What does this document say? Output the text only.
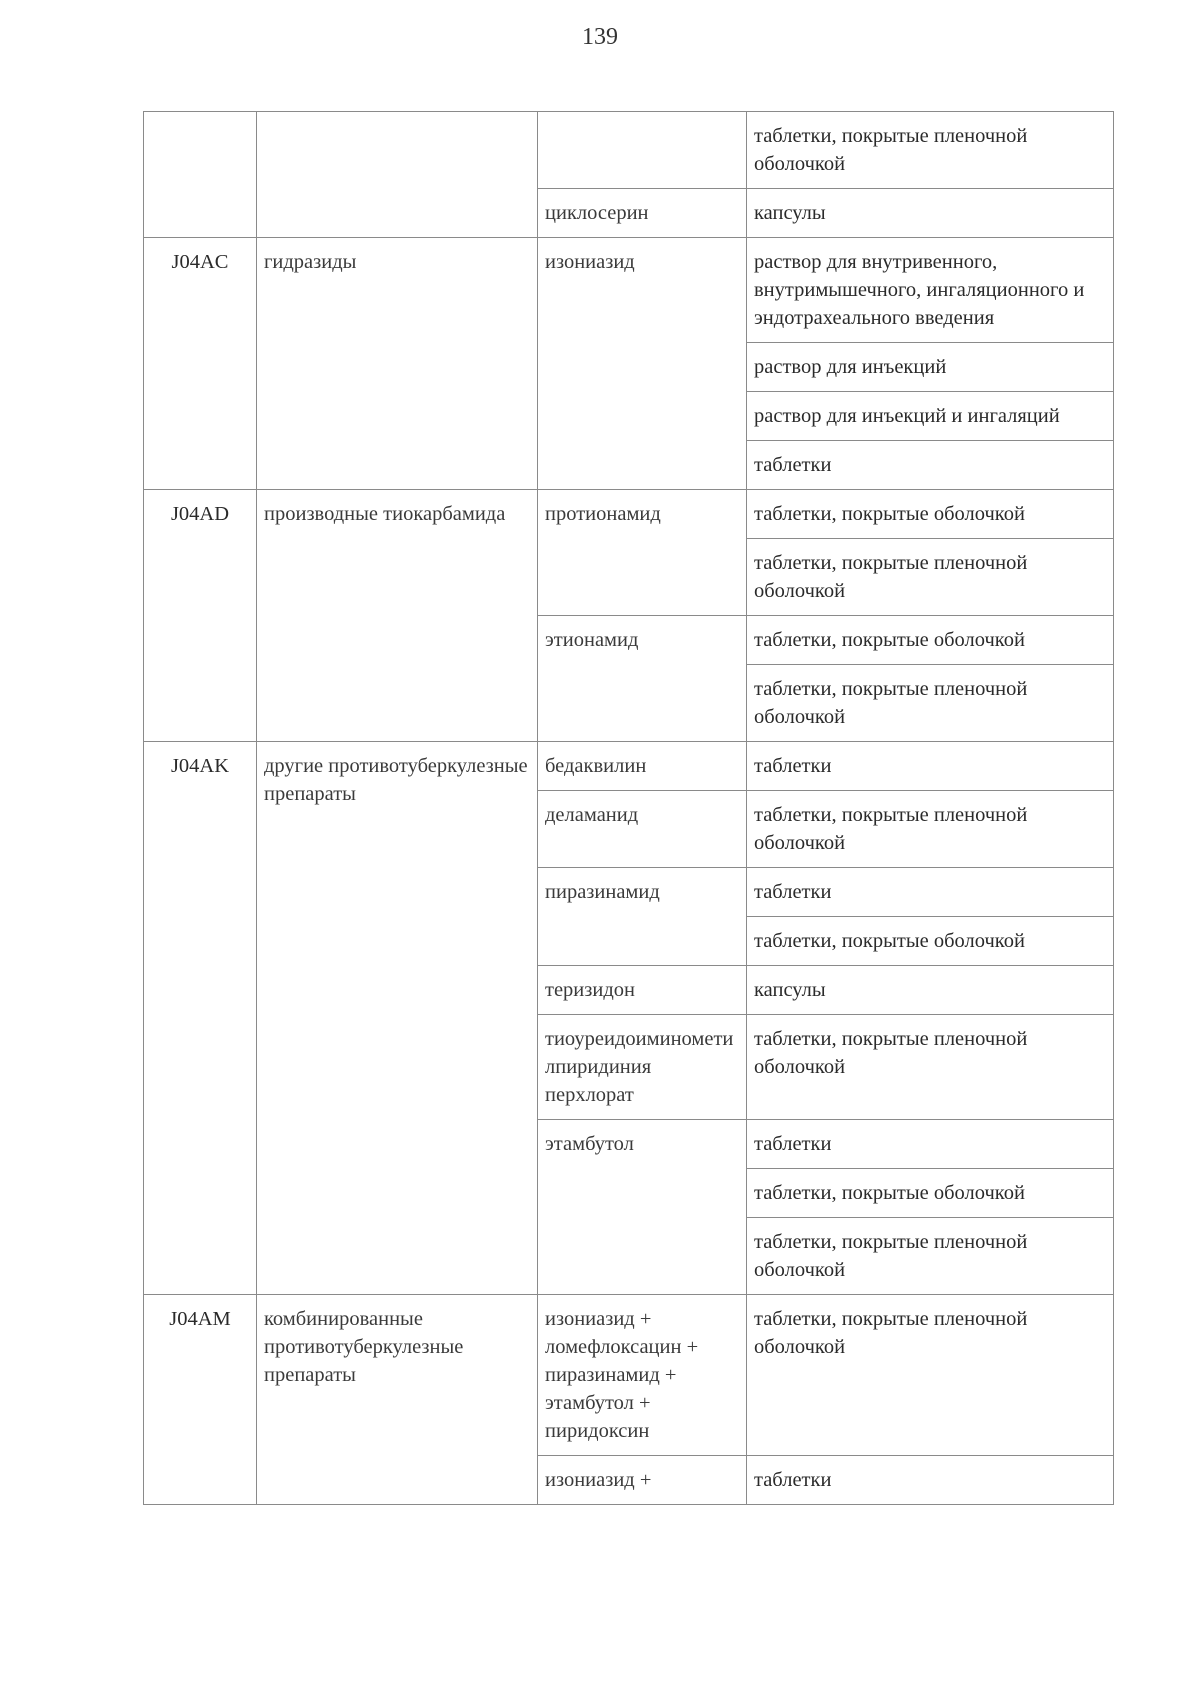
139
			таблетки, покрытые пленочной оболочкой
		циклосерин	капсулы
J04AC	гидразиды	изониазид	раствор для внутривенного, внутримышечного, ингаляционного и эндотрахеального введения
			раствор для инъекций
			раствор для инъекций и ингаляций
			таблетки
J04AD	производные тиокарбамида	протионамид	таблетки, покрытые оболочкой
			таблетки, покрытые пленочной оболочкой
		этионамид	таблетки, покрытые оболочкой
			таблетки, покрытые пленочной оболочкой
J04AK	другие противотуберкулезные препараты	бедаквилин	таблетки
		деламанид	таблетки, покрытые пленочной оболочкой
		пиразинамид	таблетки
			таблетки, покрытые оболочкой
		теризидон	капсулы
		тиоуреидоиминометилпиридиния перхлорат	таблетки, покрытые пленочной оболочкой
		этамбутол	таблетки
			таблетки, покрытые оболочкой
			таблетки, покрытые пленочной оболочкой
J04AM	комбинированные противотуберкулезные препараты	изониазид + ломефлоксацин + пиразинамид + этамбутол + пиридоксин	таблетки, покрытые пленочной оболочкой
		изониазид +	таблетки
